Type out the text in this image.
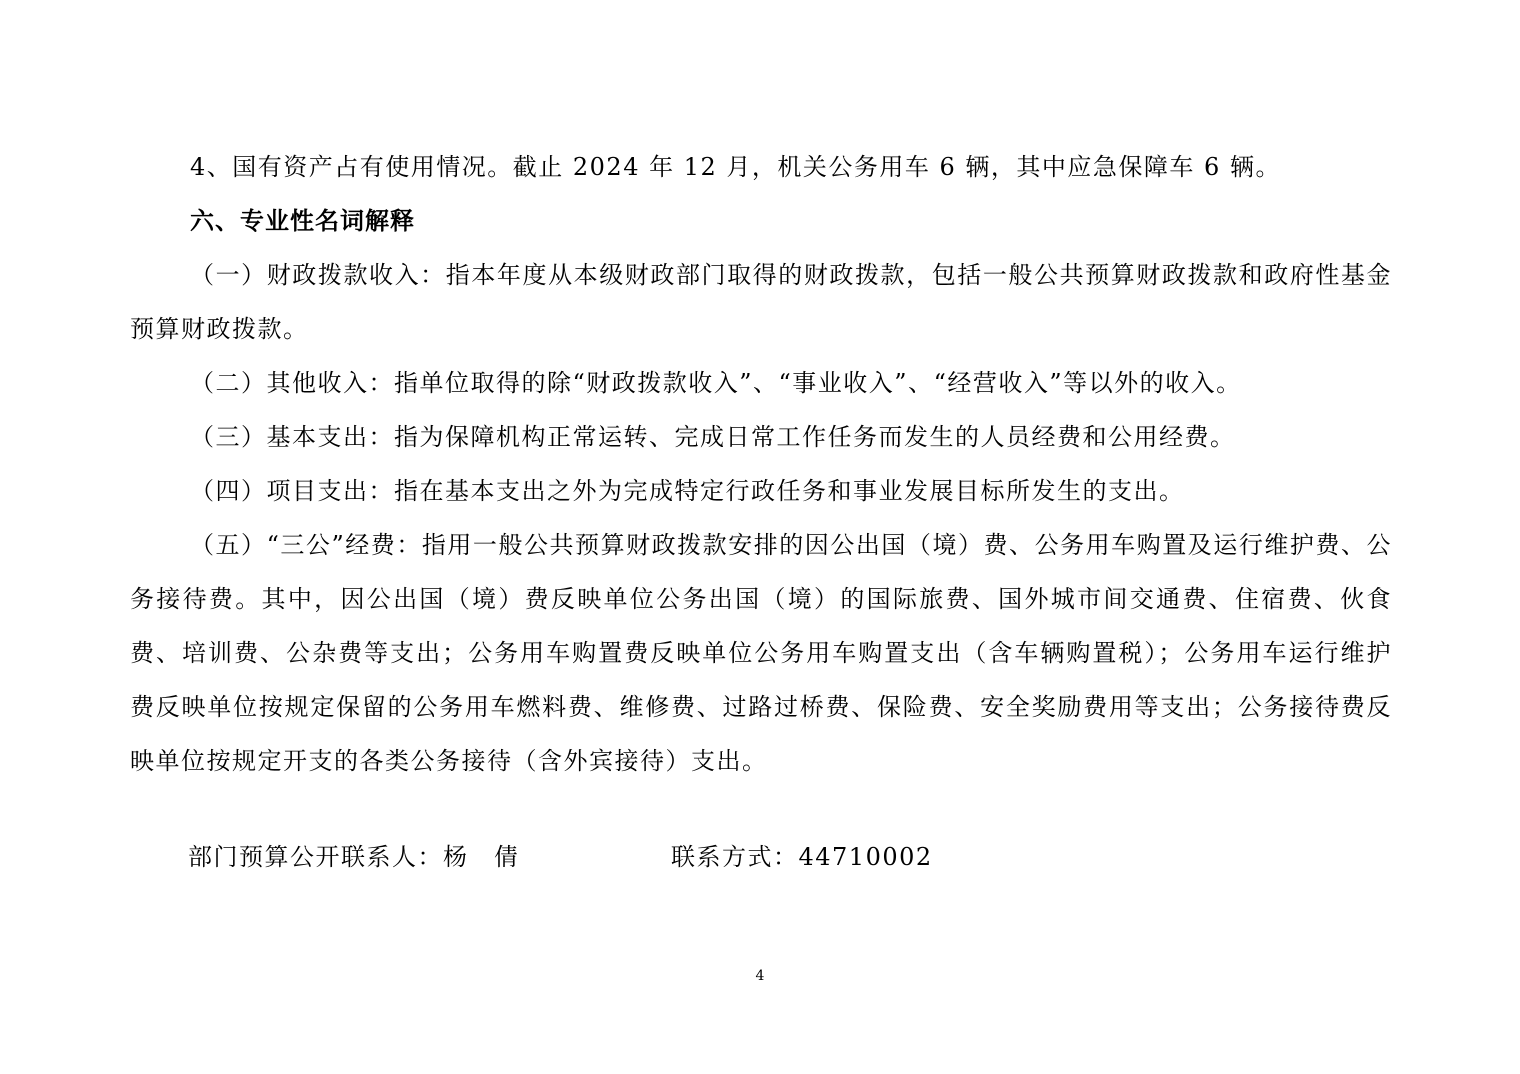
4、国有资产占有使用情况。截止 2024 年 12 月，机关公务用车 6 辆，其中应急保障车 6 辆。

六、专业性名词解释

（一）财政拨款收入：指本年度从本级财政部门取得的财政拨款，包括一般公共预算财政拨款和政府性基金预算财政拨款。

（二）其他收入：指单位取得的除“财政拨款收入”、“事业收入”、“经营收入”等以外的收入。

（三）基本支出：指为保障机构正常运转、完成日常工作任务而发生的人员经费和公用经费。

（四）项目支出：指在基本支出之外为完成特定行政任务和事业发展目标所发生的支出。

（五）“三公”经费：指用一般公共预算财政拨款安排的因公出国（境）费、公务用车购置及运行维护费、公务接待费。其中，因公出国（境）费反映单位公务出国（境）的国际旅费、国外城市间交通费、住宿费、伙食费、培训费、公杂费等支出；公务用车购置费反映单位公务用车购置支出（含车辆购置税）；公务用车运行维护费反映单位按规定保留的公务用车燃料费、维修费、过路过桥费、保险费、安全奖励费用等支出；公务接待费反映单位按规定开支的各类公务接待（含外宾接待）支出。

部门预算公开联系人：杨　倩	联系方式：44710002
4
